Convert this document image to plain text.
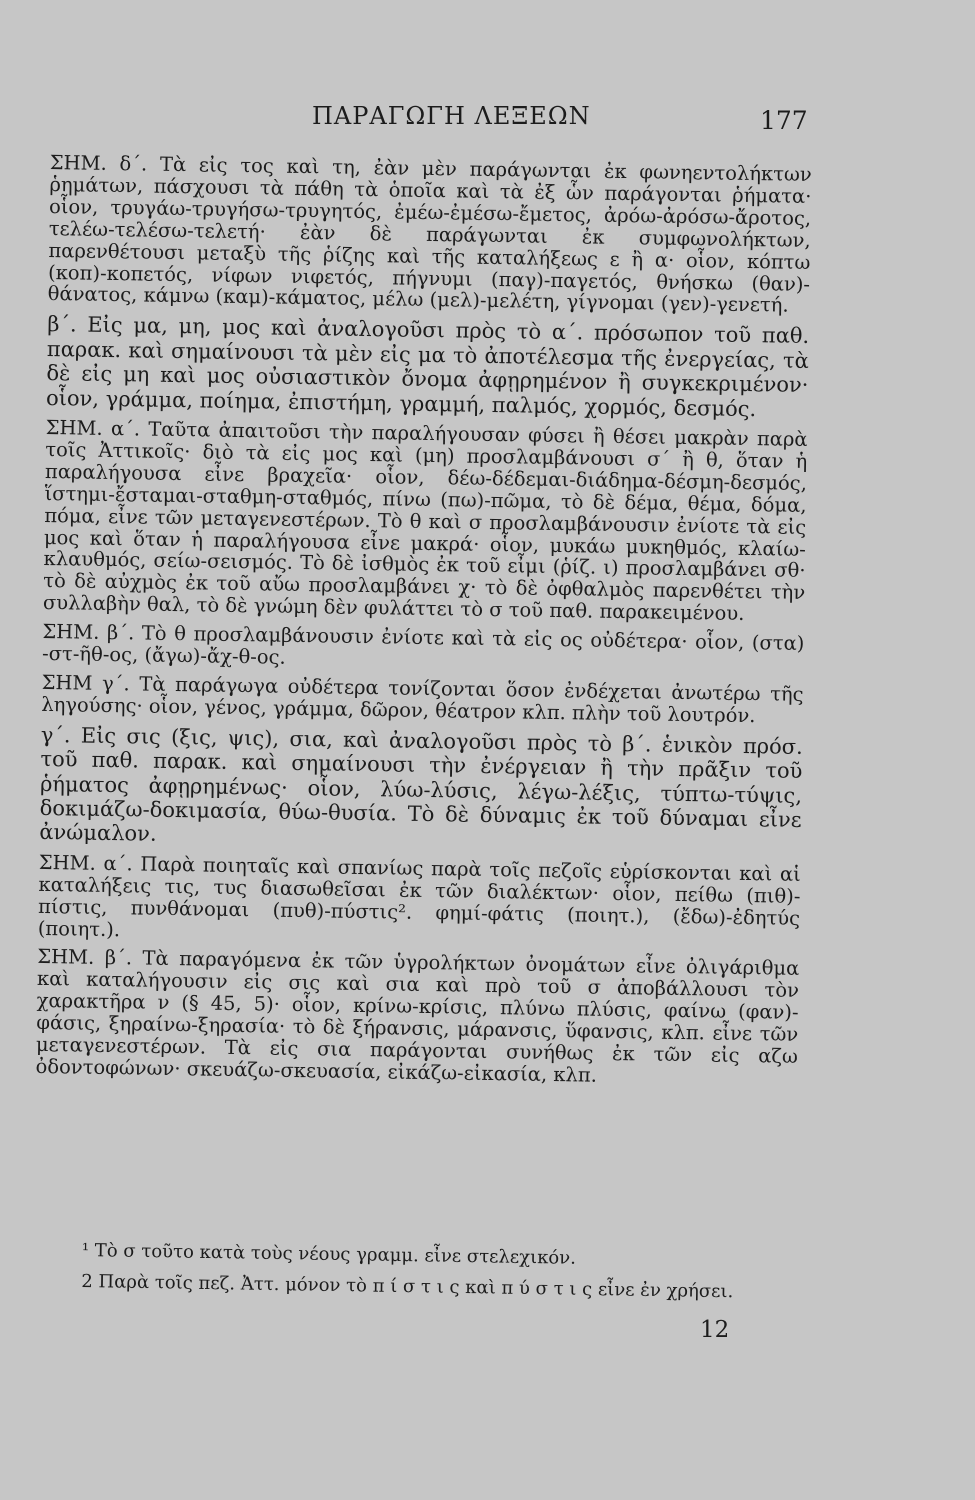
ΠΑΡΑΓΩΓΗ ΛΕΞΕΩΝ	177

ΣΗΜ. δ΄. Τὰ εἰς τος καὶ τη, ἐὰν μὲν παράγωνται ἐκ φωνηεντολήκτων ῥημάτων, πάσχουσι τὰ πάθη τὰ ὁποῖα καὶ τὰ ἐξ ὧν παράγονται ῥήματα· οἷον, τρυγάω-τρυγήσω-τρυγητός, ἐμέω-ἐμέσω-ἔμετος, ἀρόω-ἀρόσω-ἄροτος, τελέω-τελέσω-τελετή· ἐὰν δὲ παράγωνται ἐκ συμφωνολήκτων, παρενθέτουσι μεταξὺ τῆς ῥίζης καὶ τῆς καταλήξεως ε ἢ α· οἷον, κόπτω (κοπ)-κοπετός, νίφων νιφετός, πήγνυμι (παγ)-παγετός, θνήσκω (θαν)-θάνατος, κάμνω (καμ)-κάματος, μέλω (μελ)-μελέτη, γίγνομαι (γεν)-γενετή.

β΄. Εἰς μα, μη, μος καὶ ἀναλογοῦσι πρὸς τὸ α΄. πρόσωπον τοῦ παθ. παρακ. καὶ σημαίνουσι τὰ μὲν εἰς μα τὸ ἀποτέλεσμα τῆς ἐνεργείας, τὰ δὲ εἰς μη καὶ μος οὐσιαστικὸν ὄνομα ἀφῃρημένον ἢ συγκεκριμένον· οἷον, γράμμα, ποίημα, ἐπιστήμη, γραμμή, παλμός, χορμός, δεσμός.

ΣΗΜ. α΄. Ταῦτα ἀπαιτοῦσι τὴν παραλήγουσαν φύσει ἢ θέσει μακρὰν παρὰ τοῖς Ἀττικοῖς· διὸ τὰ εἰς μος καὶ (μη) προσλαμβάνουσι σ΄ ἢ θ, ὅταν ἡ παραλήγουσα εἶνε βραχεῖα· οἷον, δέω-δέδεμαι-διάδημα-δέσμη-δεσμός, ἵστημι-ἔσταμαι-σταθμη-σταθμός, πίνω (πω)-πῶμα, τὸ δὲ δέμα, θέμα, δόμα, πόμα, εἶνε τῶν μεταγενεστέρων. Τὸ θ καὶ σ προσλαμβάνουσιν ἐνίοτε τὰ εἰς μος καὶ ὅταν ἡ παραλήγουσα εἶνε μακρά· οἷον, μυκάω μυκηθμός, κλαίω-κλαυθμός, σείω-σεισμός. Τὸ δὲ ἰσθμὸς ἐκ τοῦ εἶμι (ῥίζ. ι) προσλαμβάνει σθ· τὸ δὲ αὐχμὸς ἐκ τοῦ αὔω προσλαμβάνει χ· τὸ δὲ ὀφθαλμὸς παρενθέτει τὴν συλλαβὴν θαλ, τὸ δὲ γνώμη δὲν φυλάττει τὸ σ τοῦ παθ. παρακειμένου.

ΣΗΜ. β΄. Τὸ θ προσλαμβάνουσιν ἐνίοτε καὶ τὰ εἰς ος οὐδέτερα· οἷον, (στα) -στ-ῆθ-ος, (ἄγω)-ἄχ-θ-ος.

ΣΗΜ γ΄. Τὰ παράγωγα οὐδέτερα τονίζονται ὅσον ἐνδέχεται ἀνωτέρω τῆς ληγούσης· οἷον, γένος, γράμμα, δῶρον, θέατρον κλπ. πλὴν τοῦ λουτρόν.

γ΄. Εἰς σις (ξις, ψις), σια, καὶ ἀναλογοῦσι πρὸς τὸ β΄. ἑνικὸν πρόσ. τοῦ παθ. παρακ. καὶ σημαίνουσι τὴν ἐνέργειαν ἢ τὴν πρᾶξιν τοῦ ῥήματος ἀφῃρημένως· οἷον, λύω-λύσις, λέγω-λέξις, τύπτω-τύψις, δοκιμάζω-δοκιμασία, θύω-θυσία. Τὸ δὲ δύναμις ἐκ τοῦ δύναμαι εἶνε ἀνώμαλον.

ΣΗΜ. α΄. Παρὰ ποιηταῖς καὶ σπανίως παρὰ τοῖς πεζοῖς εὑρίσκονται καὶ αἱ καταλήξεις τις, τυς διασωθεῖσαι ἐκ τῶν διαλέκτων· οἷον, πείθω (πιθ)-πίστις, πυνθάνομαι (πυθ)-πύστις². φημί-φάτις (ποιητ.), (ἔδω)-ἐδητύς (ποιητ.).

ΣΗΜ. β΄. Τὰ παραγόμενα ἐκ τῶν ὑγρολήκτων ὀνομάτων εἶνε ὀλιγάριθμα καὶ καταλήγουσιν εἰς σις καὶ σια καὶ πρὸ τοῦ σ ἀποβάλλουσι τὸν χαρακτῆρα ν (§ 45, 5)· οἷον, κρίνω-κρίσις, πλύνω πλύσις, φαίνω (φαν)-φάσις, ξηραίνω-ξηρασία· τὸ δὲ ξήρανσις, μάρανσις, ὕφανσις, κλπ. εἶνε τῶν μεταγενεστέρων. Τὰ εἰς σια παράγονται συνήθως ἐκ τῶν εἰς αζω ὀδοντοφώνων· σκευάζω-σκευασία, εἰκάζω-εἰκασία, κλπ.

¹ Τὸ σ τοῦτο κατὰ τοὺς νέους γραμμ. εἶνε στελεχικόν.

2 Παρὰ τοῖς πεζ. Ἀττ. μόνον τὸ π ί σ τ ι ς καὶ π ύ σ τ ι ς εἶνε ἐν χρήσει.

12
